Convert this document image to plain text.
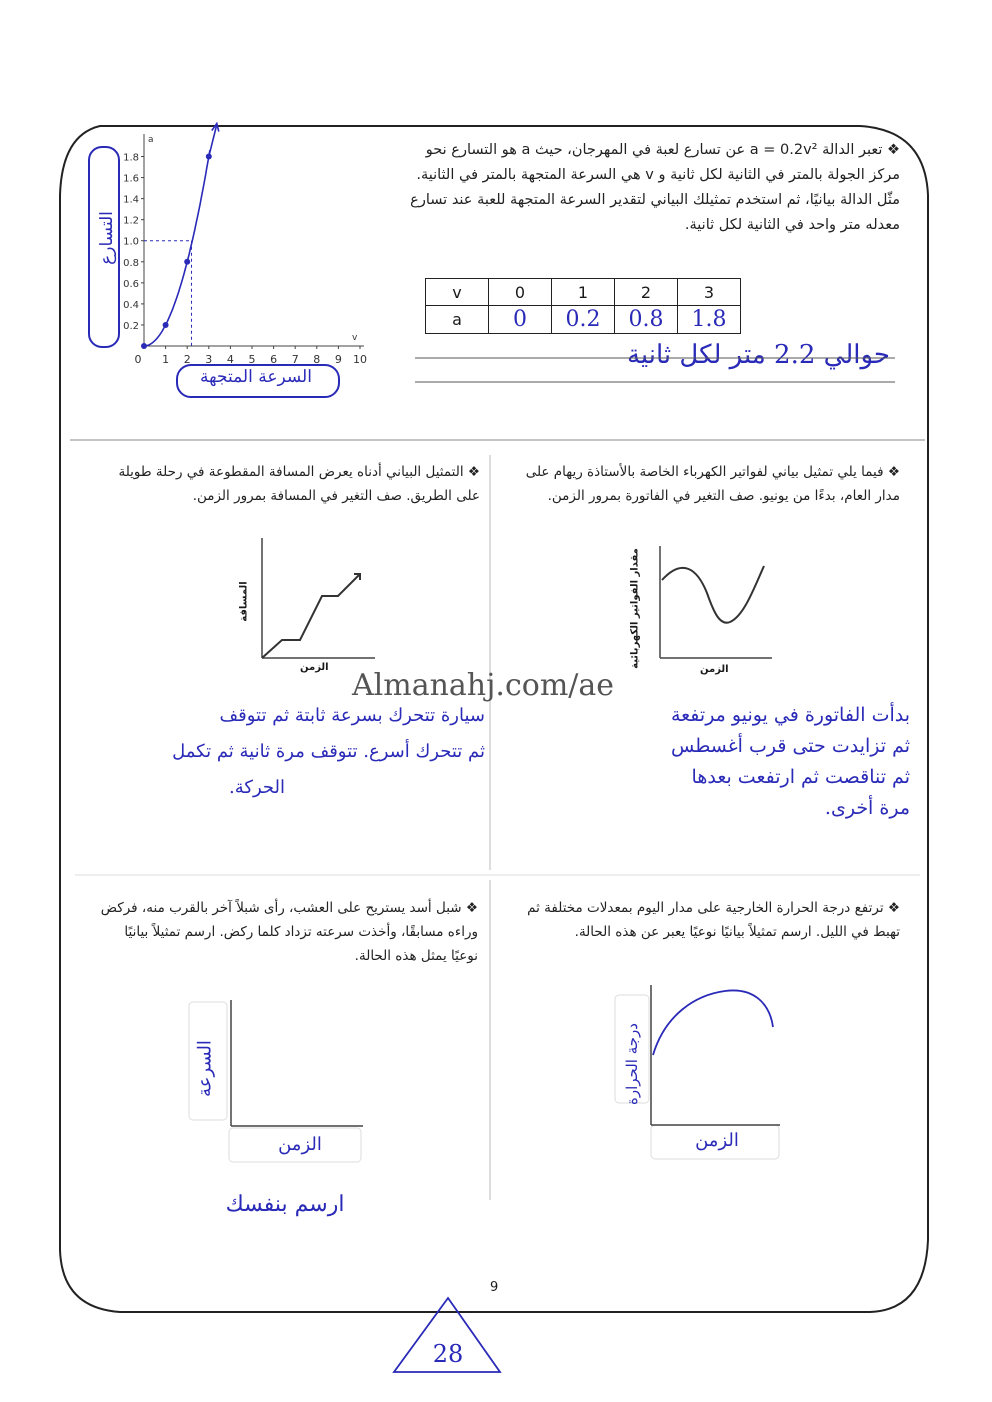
0.2
0.4
0.6
0.8
1.0
1.2
1.4
1.6
1.8
0 1 2 3 4 5 6 7 8 9 10
a
v
التسارع
السرعة المتجهة
❖ تعبر الدالة a = 0.2v² عن تسارع لعبة في المهرجان، حيث a هو التسارع نحو مركز الجولة بالمتر في الثانية لكل ثانية و v هي السرعة المتجهة بالمتر في الثانية. مثّل الدالة بيانيًا، ثم استخدم تمثيلك البياني لتقدير السرعة المتجهة للعبة عند تسارع معدله متر واحد في الثانية لكل ثانية.
v	0	1	2	3
a	0	0.2	0.8	1.8
حوالي 2.2 متر لكل ثانية
❖ فيما يلي تمثيل بياني لفواتير الكهرباء الخاصة بالأستاذة ريهام على مدار العام، بدءًا من يونيو. صف التغير في الفاتورة بمرور الزمن.
مقدار الفواتير الكهربائية
الزمن
بدأت الفاتورة في يونيو مرتفعة
ثم تزايدت حتى قرب أغسطس
ثم تناقصت ثم ارتفعت بعدها
مرة أخرى.
❖ التمثيل البياني أدناه يعرض المسافة المقطوعة في رحلة طويلة على الطريق. صف التغير في المسافة بمرور الزمن.
المسافة
الزمن
سيارة تتحرك بسرعة ثابتة ثم تتوقف
ثم تتحرك أسرع. تتوقف مرة ثانية ثم تكمل
الحركة.
Almanahj.com/ae
❖ ترتفع درجة الحرارة الخارجية على مدار اليوم بمعدلات مختلفة ثم تهبط في الليل. ارسم تمثيلاً بيانيًا نوعيًا يعبر عن هذه الحالة.
درجة الحرارة
الزمن
❖ شبل أسد يستريح على العشب، رأى شبلاً آخر بالقرب منه، فركض وراءه مسابقًا، وأخذت سرعته تزداد كلما ركض. ارسم تمثيلاً بيانيًا نوعيًا يمثل هذه الحالة.
السرعة
الزمن
ارسم بنفسك
9
28
